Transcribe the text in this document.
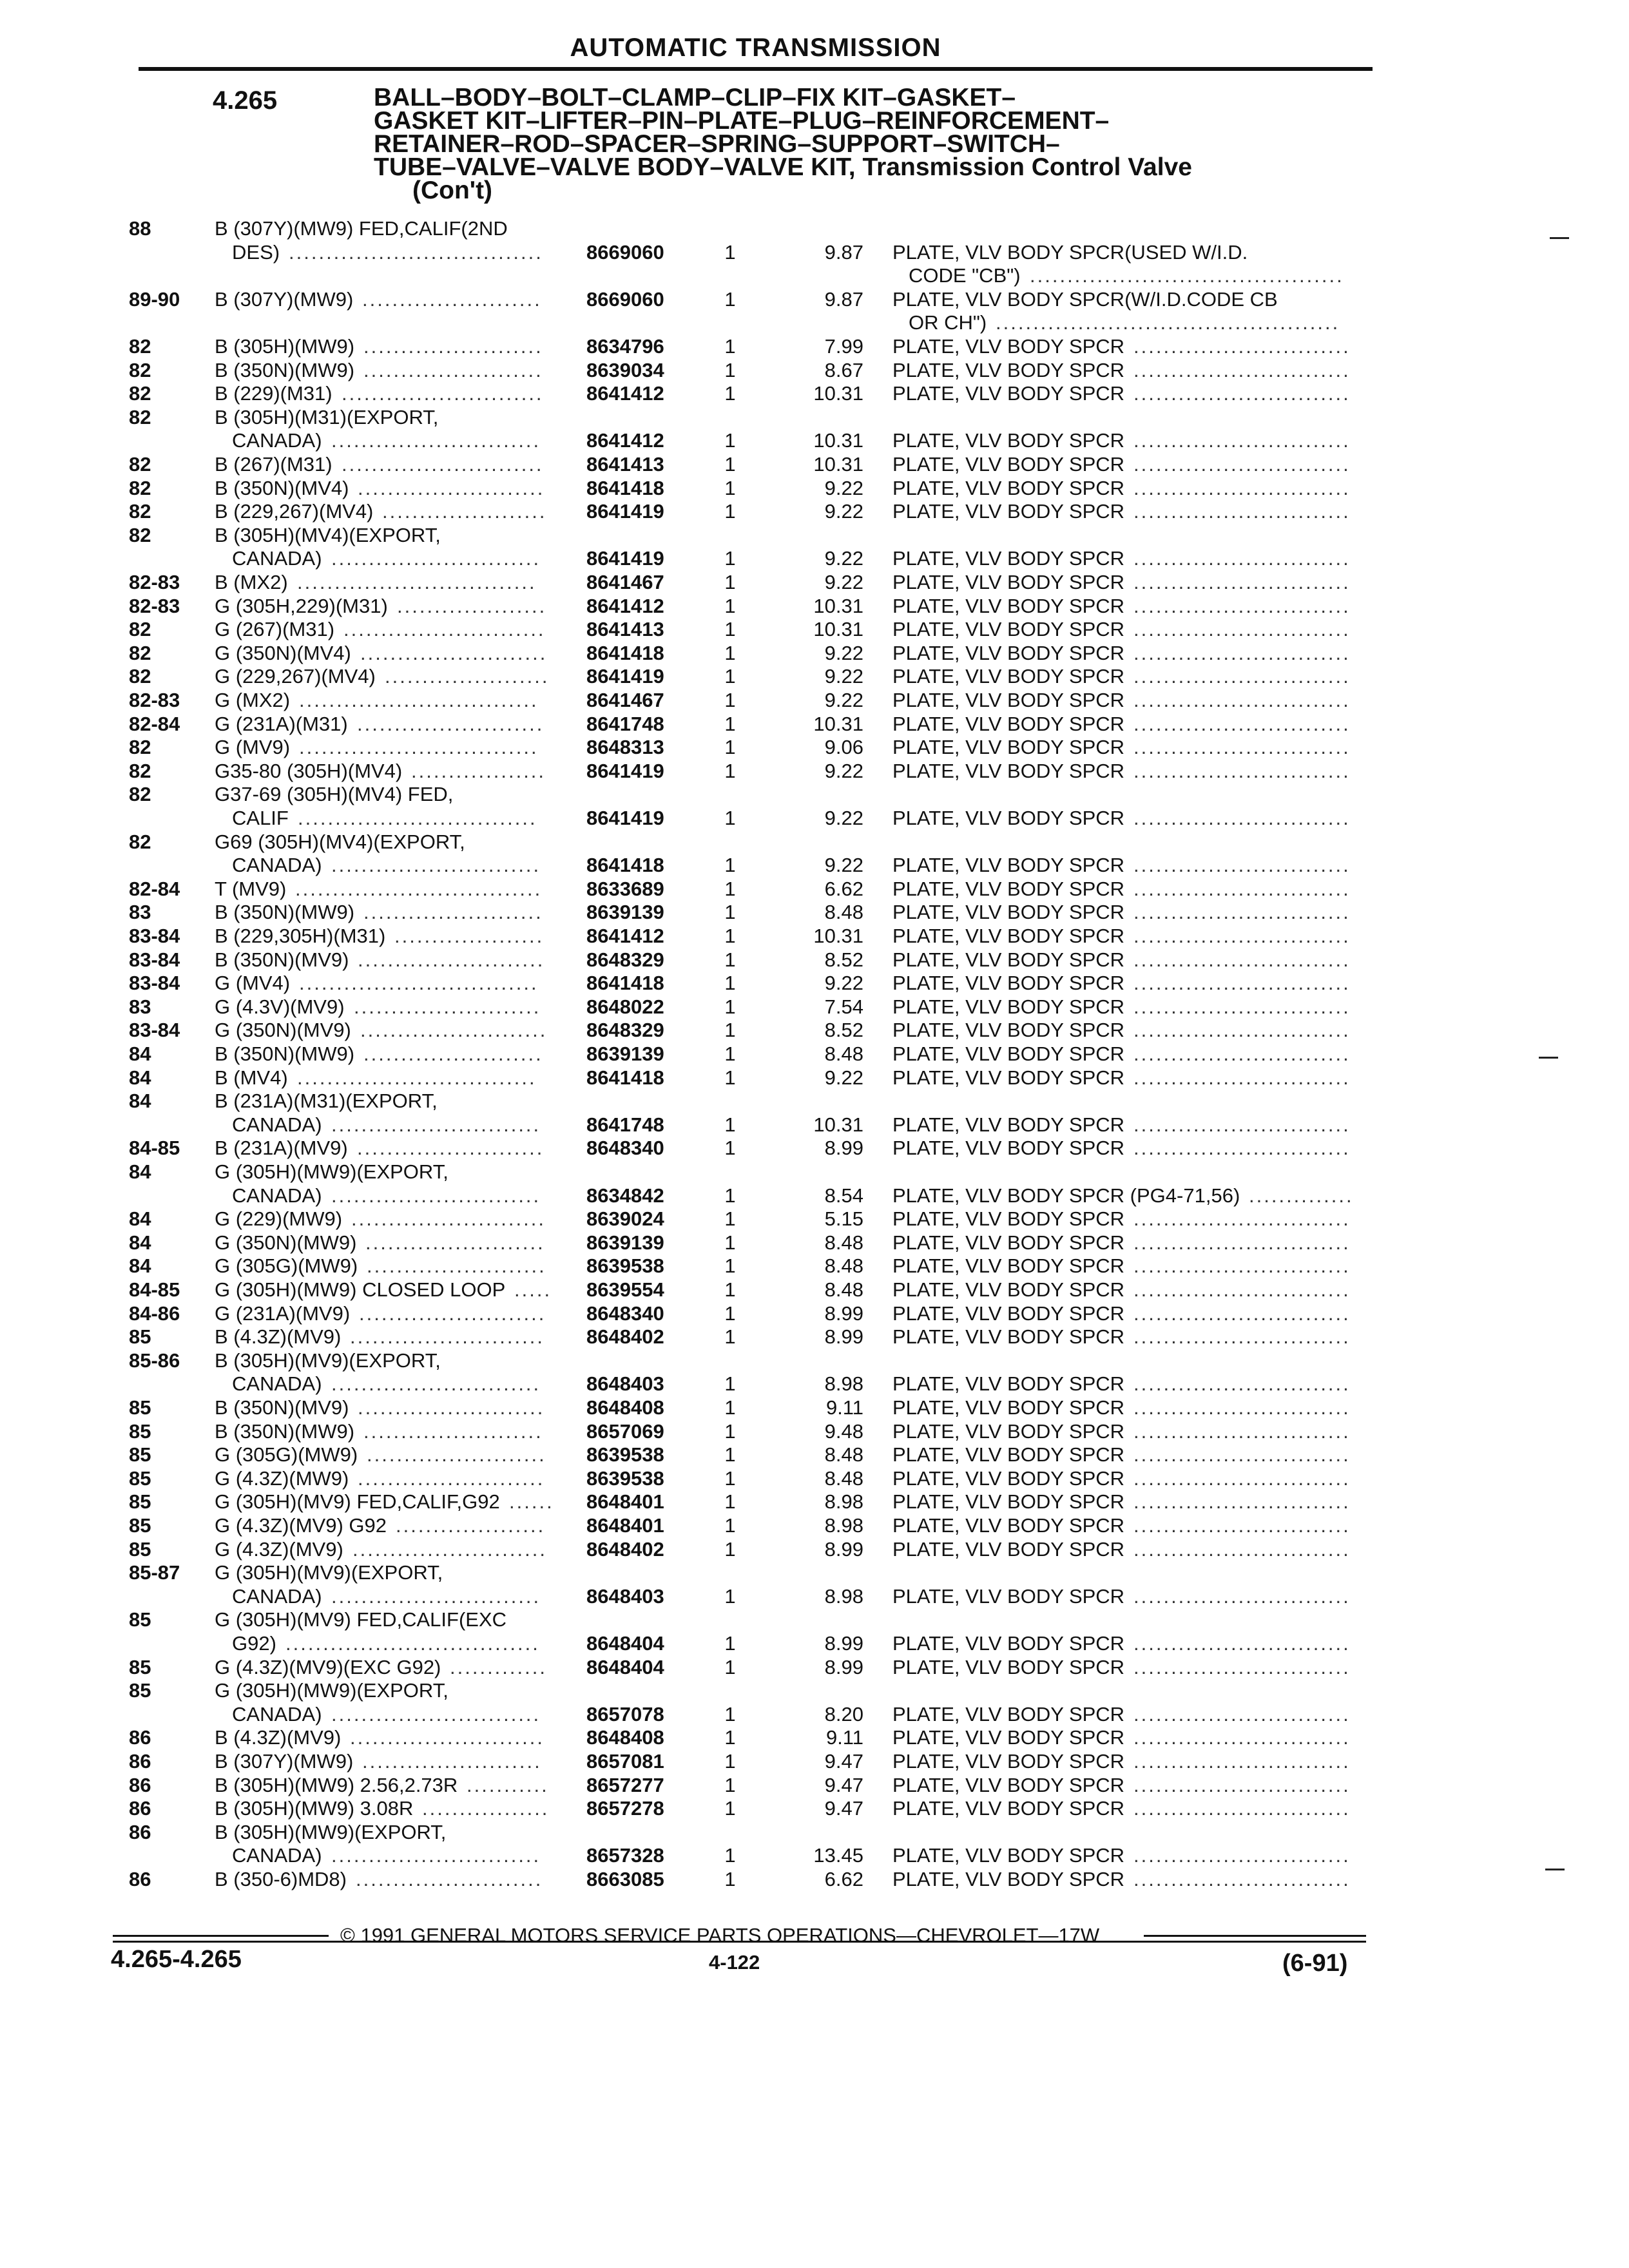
AUTOMATIC TRANSMISSION
4.265	BALL–BODY–BOLT–CLAMP–CLIP–FIX KIT–GASKET–
GASKET KIT–LIFTER–PIN–PLATE–PLUG–REINFORCEMENT–
RETAINER–ROD–SPACER–SPRING–SUPPORT–SWITCH–
TUBE–VALVE–VALVE BODY–VALVE KIT, Transmission Control Valve
(Con't)
88	B (307Y)(MW9) FED,CALIF(2ND
DES) .................................. 8669060	1	9.87 PLATE, VLV BODY SPCR(USED W/I.D.
CODE "CB") ..........................................
89-90 B (307Y)(MW9) ........................ 8669060	1	9.87 PLATE, VLV BODY SPCR(W/I.D.CODE CB
OR CH") ..............................................
82	B (305H)(MW9) ........................ 8634796	1	7.99 PLATE, VLV BODY SPCR .............................
82	B (350N)(MW9) ........................ 8639034	1	8.67 PLATE, VLV BODY SPCR .............................
82	B (229)(M31) ........................... 8641412	1	10.31 PLATE, VLV BODY SPCR .............................
82	B (305H)(M31)(EXPORT,
CANADA) ............................ 8641412	1	10.31 PLATE, VLV BODY SPCR .............................
82	B (267)(M31) ........................... 8641413	1	10.31 PLATE, VLV BODY SPCR .............................
82	B (350N)(MV4) ......................... 8641418	1	9.22 PLATE, VLV BODY SPCR .............................
82	B (229,267)(MV4) ...................... 8641419	1	9.22 PLATE, VLV BODY SPCR .............................
82	B (305H)(MV4)(EXPORT,
CANADA) ............................ 8641419	1	9.22 PLATE, VLV BODY SPCR .............................
82-83 B (MX2) ................................ 8641467	1	9.22 PLATE, VLV BODY SPCR .............................
82-83 G (305H,229)(M31) .................... 8641412	1	10.31 PLATE, VLV BODY SPCR .............................
82	G (267)(M31) ........................... 8641413	1	10.31 PLATE, VLV BODY SPCR .............................
82	G (350N)(MV4) ......................... 8641418	1	9.22 PLATE, VLV BODY SPCR .............................
82	G (229,267)(MV4) ...................... 8641419	1	9.22 PLATE, VLV BODY SPCR .............................
82-83 G (MX2) ................................ 8641467	1	9.22 PLATE, VLV BODY SPCR .............................
82-84 G (231A)(M31) ......................... 8641748	1	10.31 PLATE, VLV BODY SPCR .............................
82	G (MV9) ................................ 8648313	1	9.06 PLATE, VLV BODY SPCR .............................
82	G35-80 (305H)(MV4) .................. 8641419	1	9.22 PLATE, VLV BODY SPCR .............................
82	G37-69 (305H)(MV4) FED,
CALIF ................................ 8641419	1	9.22 PLATE, VLV BODY SPCR .............................
82	G69 (305H)(MV4)(EXPORT,
CANADA) ............................ 8641418	1	9.22 PLATE, VLV BODY SPCR .............................
82-84 T (MV9) ................................. 8633689	1	6.62 PLATE, VLV BODY SPCR .............................
83	B (350N)(MW9) ........................ 8639139	1	8.48 PLATE, VLV BODY SPCR .............................
83-84 B (229,305H)(M31) .................... 8641412	1	10.31 PLATE, VLV BODY SPCR .............................
83-84 B (350N)(MV9) ......................... 8648329	1	8.52 PLATE, VLV BODY SPCR .............................
83-84 G (MV4) ................................ 8641418	1	9.22 PLATE, VLV BODY SPCR .............................
83	G (4.3V)(MV9) ......................... 8648022	1	7.54 PLATE, VLV BODY SPCR .............................
83-84 G (350N)(MV9) ......................... 8648329	1	8.52 PLATE, VLV BODY SPCR .............................
84	B (350N)(MW9) ........................ 8639139	1	8.48 PLATE, VLV BODY SPCR .............................
84	B (MV4) ................................ 8641418	1	9.22 PLATE, VLV BODY SPCR .............................
84	B (231A)(M31)(EXPORT,
CANADA) ............................ 8641748	1	10.31 PLATE, VLV BODY SPCR .............................
84-85 B (231A)(MV9) ......................... 8648340	1	8.99 PLATE, VLV BODY SPCR .............................
84	G (305H)(MW9)(EXPORT,
CANADA) ............................ 8634842	1	8.54 PLATE, VLV BODY SPCR (PG4-71,56) ..............
84	G (229)(MW9) .......................... 8639024	1	5.15 PLATE, VLV BODY SPCR .............................
84	G (350N)(MW9) ........................ 8639139	1	8.48 PLATE, VLV BODY SPCR .............................
84	G (305G)(MW9) ........................ 8639538	1	8.48 PLATE, VLV BODY SPCR .............................
84-85 G (305H)(MW9) CLOSED LOOP ..... 8639554	1	8.48 PLATE, VLV BODY SPCR .............................
84-86 G (231A)(MV9) ......................... 8648340	1	8.99 PLATE, VLV BODY SPCR .............................
85	B (4.3Z)(MV9) .......................... 8648402	1	8.99 PLATE, VLV BODY SPCR .............................
85-86 B (305H)(MV9)(EXPORT,
CANADA) ............................ 8648403	1	8.98 PLATE, VLV BODY SPCR .............................
85	B (350N)(MV9) ......................... 8648408	1	9.11 PLATE, VLV BODY SPCR .............................
85	B (350N)(MW9) ........................ 8657069	1	9.48 PLATE, VLV BODY SPCR .............................
85	G (305G)(MW9) ........................ 8639538	1	8.48 PLATE, VLV BODY SPCR .............................
85	G (4.3Z)(MW9) ......................... 8639538	1	8.48 PLATE, VLV BODY SPCR .............................
85	G (305H)(MV9) FED,CALIF,G92 ...... 8648401	1	8.98 PLATE, VLV BODY SPCR .............................
85	G (4.3Z)(MV9) G92 .................... 8648401	1	8.98 PLATE, VLV BODY SPCR .............................
85	G (4.3Z)(MV9) .......................... 8648402	1	8.99 PLATE, VLV BODY SPCR .............................
85-87 G (305H)(MV9)(EXPORT,
CANADA) ............................ 8648403	1	8.98 PLATE, VLV BODY SPCR .............................
85	G (305H)(MV9) FED,CALIF(EXC
G92) .................................. 8648404	1	8.99 PLATE, VLV BODY SPCR .............................
85	G (4.3Z)(MV9)(EXC G92) ............. 8648404	1	8.99 PLATE, VLV BODY SPCR .............................
85	G (305H)(MW9)(EXPORT,
CANADA) ............................ 8657078	1	8.20 PLATE, VLV BODY SPCR .............................
86	B (4.3Z)(MV9) .......................... 8648408	1	9.11 PLATE, VLV BODY SPCR .............................
86	B (307Y)(MW9) ........................ 8657081	1	9.47 PLATE, VLV BODY SPCR .............................
86	B (305H)(MW9) 2.56,2.73R ........... 8657277	1	9.47 PLATE, VLV BODY SPCR .............................
86	B (305H)(MW9) 3.08R ................. 8657278	1	9.47 PLATE, VLV BODY SPCR .............................
86	B (305H)(MW9)(EXPORT,
CANADA) ............................ 8657328	1	13.45 PLATE, VLV BODY SPCR .............................
86	B (350-6)MD8) ......................... 8663085	1	6.62 PLATE, VLV BODY SPCR .............................
© 1991 GENERAL MOTORS SERVICE PARTS OPERATIONS—CHEVROLET—17W
4.265-4.265	4-122	(6-91)
